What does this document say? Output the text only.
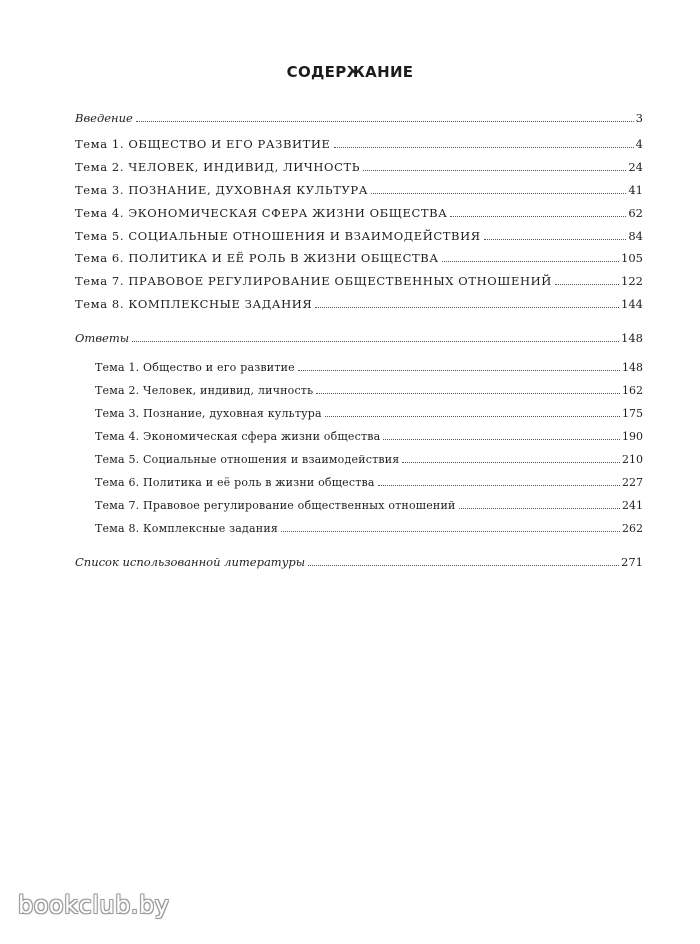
СОДЕРЖАНИЕ
Введение	3
Тема 1. ОБЩЕСТВО И ЕГО РАЗВИТИЕ	4
Тема 2. ЧЕЛОВЕК, ИНДИВИД, ЛИЧНОСТЬ	24
Тема 3. ПОЗНАНИЕ, ДУХОВНАЯ КУЛЬТУРА	41
Тема 4. ЭКОНОМИЧЕСКАЯ СФЕРА ЖИЗНИ ОБЩЕСТВА	62
Тема 5. СОЦИАЛЬНЫЕ ОТНОШЕНИЯ И ВЗАИМОДЕЙСТВИЯ	84
Тема 6. ПОЛИТИКА И ЕЁ РОЛЬ В ЖИЗНИ ОБЩЕСТВА	105
Тема 7. ПРАВОВОЕ РЕГУЛИРОВАНИЕ ОБЩЕСТВЕННЫХ ОТНОШЕНИЙ	122
Тема 8. КОМПЛЕКСНЫЕ ЗАДАНИЯ	144
Ответы	148
Тема 1. Общество и его развитие	148
Тема 2. Человек, индивид, личность	162
Тема 3. Познание, духовная культура	175
Тема 4. Экономическая сфера жизни общества	190
Тема 5. Социальные отношения и взаимодействия	210
Тема 6. Политика и её роль в жизни общества	227
Тема 7. Правовое регулирование общественных отношений	241
Тема 8. Комплексные задания	262
Список использованной литературы	271
bookclub.by
